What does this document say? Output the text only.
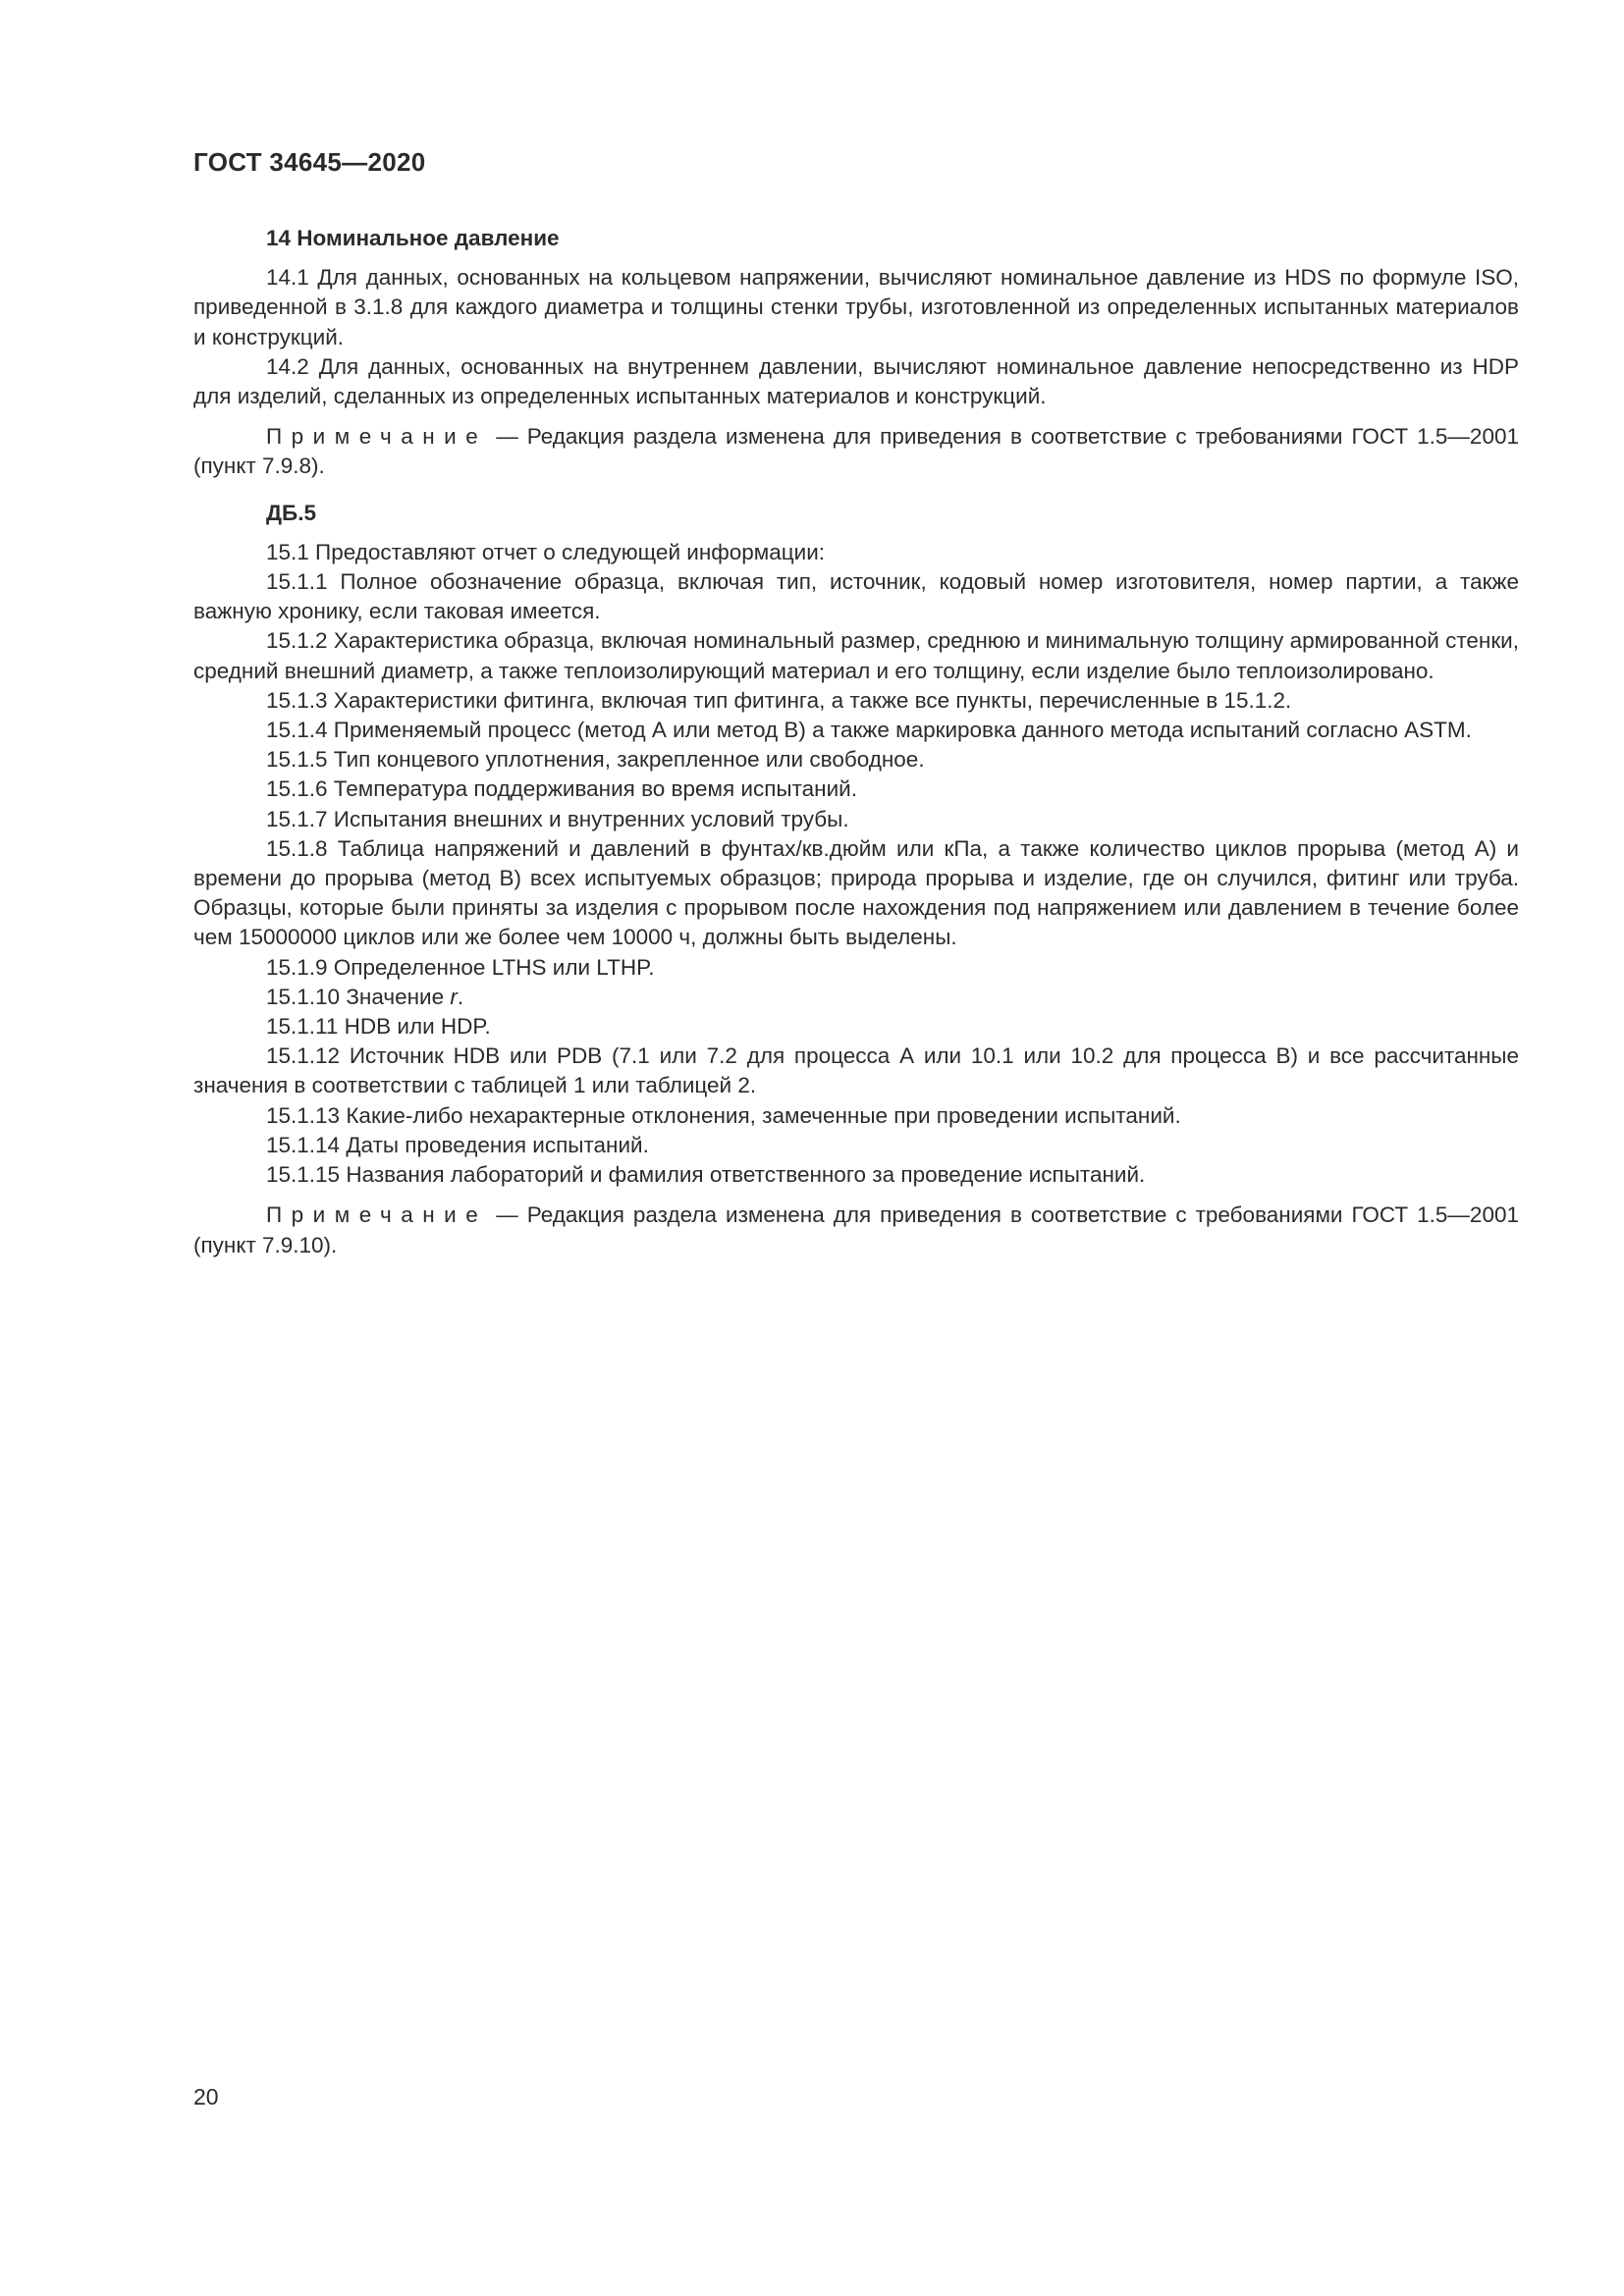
ГОСТ 34645—2020
14 Номинальное давление

14.1 Для данных, основанных на кольцевом напряжении, вычисляют номинальное давление из HDS по формуле ISO, приведенной в 3.1.8 для каждого диаметра и толщины стенки трубы, изготовленной из определенных испытанных материалов и конструкций.

14.2 Для данных, основанных на внутреннем давлении, вычисляют номинальное давление непосредственно из HDP для изделий, сделанных из определенных испытанных материалов и конструкций.

Примечание — Редакция раздела изменена для приведения в соответствие с требованиями ГОСТ 1.5—2001 (пункт 7.9.8).

ДБ.5

15.1 Предоставляют отчет о следующей информации:

15.1.1 Полное обозначение образца, включая тип, источник, кодовый номер изготовителя, номер партии, а также важную хронику, если таковая имеется.

15.1.2 Характеристика образца, включая номинальный размер, среднюю и минимальную толщину армированной стенки, средний внешний диаметр, а также теплоизолирующий материал и его толщину, если изделие было теплоизолировано.

15.1.3 Характеристики фитинга, включая тип фитинга, а также все пункты, перечисленные в 15.1.2.

15.1.4 Применяемый процесс (метод А или метод В) а также маркировка данного метода испытаний согласно ASTM.

15.1.5 Тип концевого уплотнения, закрепленное или свободное.

15.1.6 Температура поддерживания во время испытаний.

15.1.7 Испытания внешних и внутренних условий трубы.

15.1.8 Таблица напряжений и давлений в фунтах/кв.дюйм или кПа, а также количество циклов прорыва (метод А) и времени до прорыва (метод В) всех испытуемых образцов; природа прорыва и изделие, где он случился, фитинг или труба. Образцы, которые были приняты за изделия с прорывом после нахождения под напряжением или давлением в течение более чем 15000000 циклов или же более чем 10000 ч, должны быть выделены.

15.1.9 Определенное LTHS или LTHP.

15.1.10 Значение r.

15.1.11 HDB или HDP.

15.1.12 Источник HDB или PDB (7.1 или 7.2 для процесса А или 10.1 или 10.2 для процесса В) и все рассчитанные значения в соответствии с таблицей 1 или таблицей 2.

15.1.13 Какие-либо нехарактерные отклонения, замеченные при проведении испытаний.

15.1.14 Даты проведения испытаний.

15.1.15 Названия лабораторий и фамилия ответственного за проведение испытаний.

Примечание — Редакция раздела изменена для приведения в соответствие с требованиями ГОСТ 1.5—2001 (пункт 7.9.10).

20
